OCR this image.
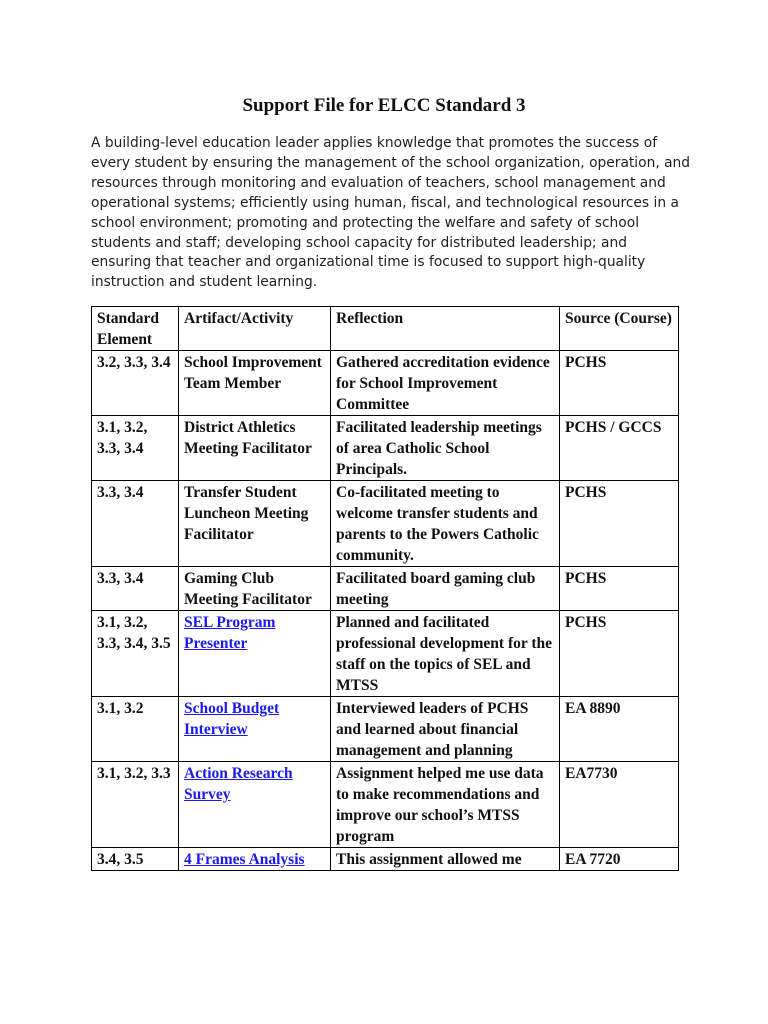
Support File for ELCC Standard 3
A building-level education leader applies knowledge that promotes the success of every student by ensuring the management of the school organization, operation, and resources through monitoring and evaluation of teachers, school management and operational systems; efficiently using human, fiscal, and technological resources in a school environment; promoting and protecting the welfare and safety of school students and staff; developing school capacity for distributed leadership; and ensuring that teacher and organizational time is focused to support high-quality instruction and student learning.
Standard Element	Artifact/Activity	Reflection	Source (Course)
3.2, 3.3, 3.4	School Improvement Team Member	Gathered accreditation evidence for School Improvement Committee	PCHS
3.1, 3.2, 3.3, 3.4	District Athletics Meeting Facilitator	Facilitated leadership meetings of area Catholic School Principals.	PCHS / GCCS
3.3, 3.4	Transfer Student Luncheon Meeting Facilitator	Co-facilitated meeting to welcome transfer students and parents to the Powers Catholic community.	PCHS
3.3, 3.4	Gaming Club Meeting Facilitator	Facilitated board gaming club meeting	PCHS
3.1, 3.2, 3.3, 3.4, 3.5	SEL Program Presenter	Planned and facilitated professional development for the staff on the topics of SEL and MTSS	PCHS
3.1, 3.2	School Budget Interview	Interviewed leaders of PCHS and learned about financial management and planning	EA 8890
3.1, 3.2, 3.3	Action Research Survey	Assignment helped me use data to make recommendations and improve our school’s MTSS program	EA7730
3.4, 3.5	4 Frames Analysis	This assignment allowed me	EA 7720
